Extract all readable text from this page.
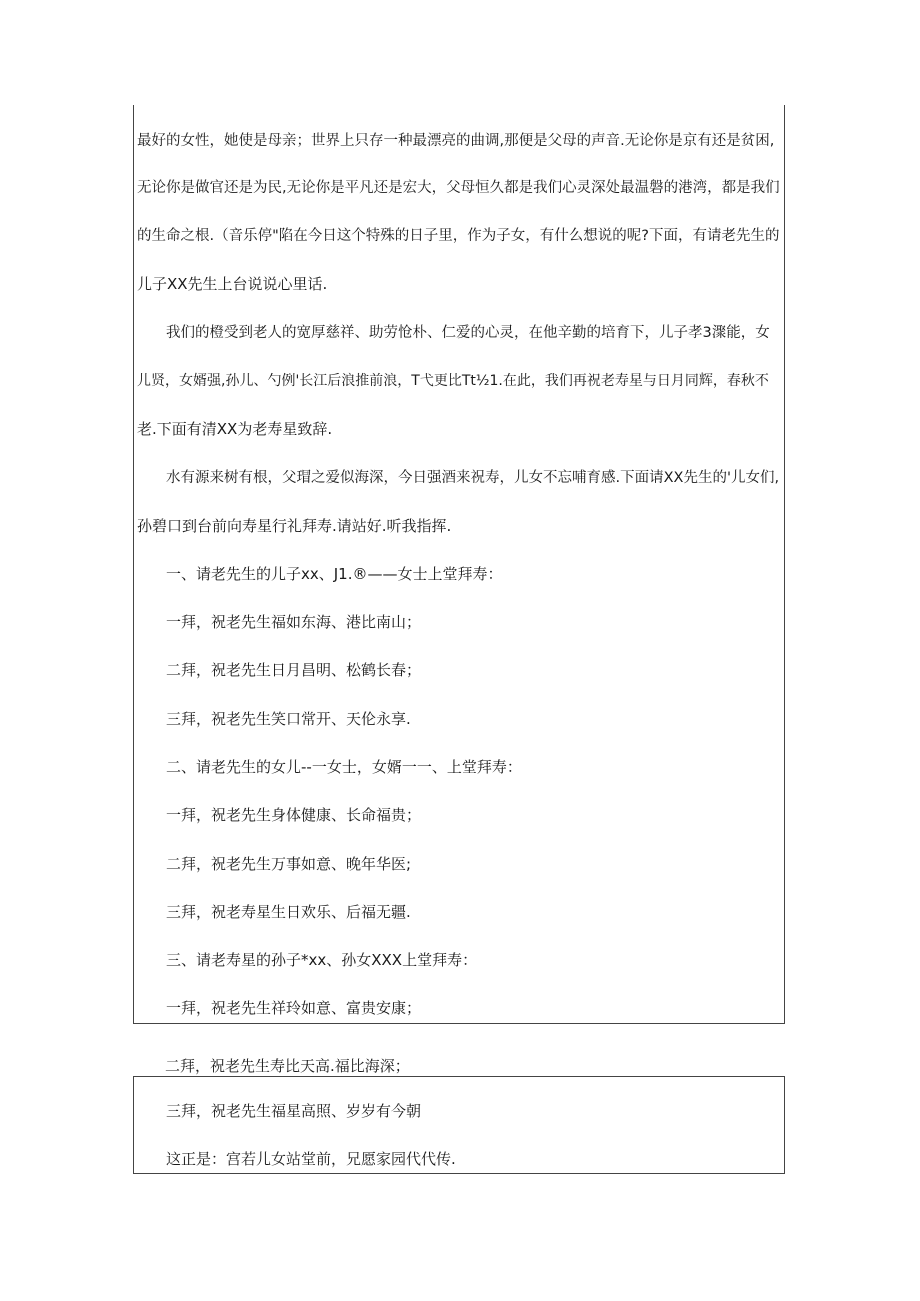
最好的女性，她使是母亲；世界上只存一种最漂亮的曲调,那便是父母的声音.无论你是京有还是贫困,

无论你是做官还是为民,无论你是平凡还是宏大，父母恒久都是我们心灵深处最温磐的港湾，都是我们

的生命之根.（音乐停"陷在今日这个特殊的日子里，作为子女，有什么想说的呢?下面，有请老先生的

儿子XX先生上台说说心里话.

我们的橙受到老人的宽厚慈祥、助劳怆朴、仁爱的心灵，在他辛勤的培育下，儿子孝3㵵能，女

儿贤，女婿强,孙儿、勺例'长江后浪推前浪，T弋更比Tt½1.在此，我们再祝老寿星与日月同辉，春秋不

老.下面有清XX为老寿星致辞.

水有源来树有根，父瑁之爱似海深，今日强酒来祝寿，儿女不忘哺育感.下面请XX先生的'儿女们,

孙碧口到台前向寿星行礼拜寿.请站好.听我指挥.

一、请老先生的儿子xx、J1.®——女士上堂拜寿：

一拜，祝老先生福如东海、港比南山；

二拜，祝老先生日月昌明、松鹤长春；

三拜，祝老先生笑口常开、天伦永享.

二、请老先生的女儿--一女士，女婿一一、上堂拜寿：

一拜，祝老先生身体健康、长命福贵；

二拜，祝老先生万事如意、晚年华医;

三拜，祝老寿星生日欢乐、后福无疆.

三、请老寿星的孙子*xx、孙女XXX上堂拜寿：

一拜，祝老先生祥玲如意、富贵安康；

二拜，祝老先生寿比天高.福比海深；

三拜，祝老先生福星高照、岁岁有今朝

这正是：宫若儿女站堂前，兄愿家园代代传.
